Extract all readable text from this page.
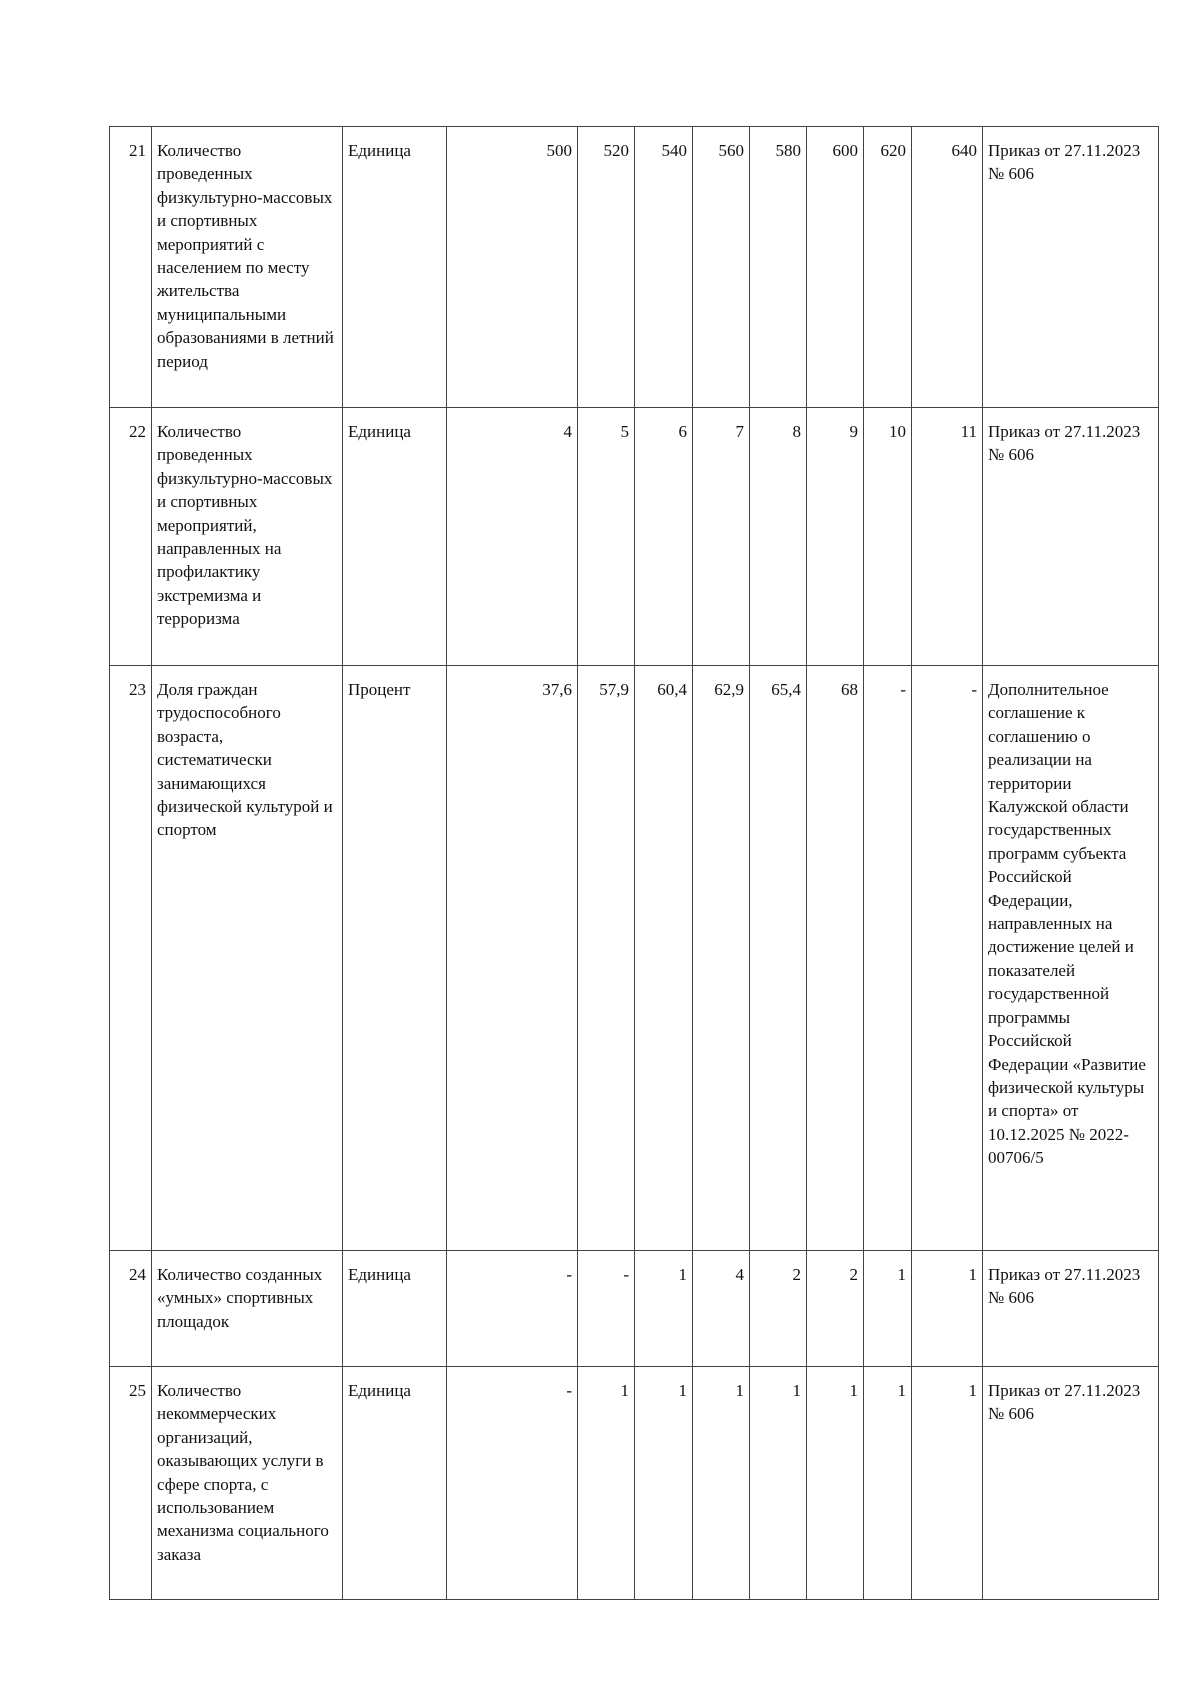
21	Количество проведенных физкультурно-массовых и спортивных мероприятий с населением по месту жительства муниципальными образованиями в летний период	Единица	500	520	540	560	580	600	620	640	Приказ от 27.11.2023 № 606
22	Количество проведенных физкультурно-массовых и спортивных мероприятий, направленных на профилактику экстремизма и терроризма	Единица	4	5	6	7	8	9	10	11	Приказ от 27.11.2023 № 606
23	Доля граждан трудоспособного возраста, систематически занимающихся физической культурой и спортом	Процент	37,6	57,9	60,4	62,9	65,4	68	-	-	Дополнительное соглашение к соглашению о реализации на территории Калужской области государственных программ субъекта Российской Федерации, направленных на достижение целей и показателей государственной программы Российской Федерации «Развитие физической культуры и спорта» от 10.12.2025 № 2022-00706/5
24	Количество созданных «умных» спортивных площадок	Единица	-	-	1	4	2	2	1	1	Приказ от 27.11.2023 № 606
25	Количество некоммерческих организаций, оказывающих услуги в сфере спорта, с использованием механизма социального заказа	Единица	-	1	1	1	1	1	1	1	Приказ от 27.11.2023 № 606
